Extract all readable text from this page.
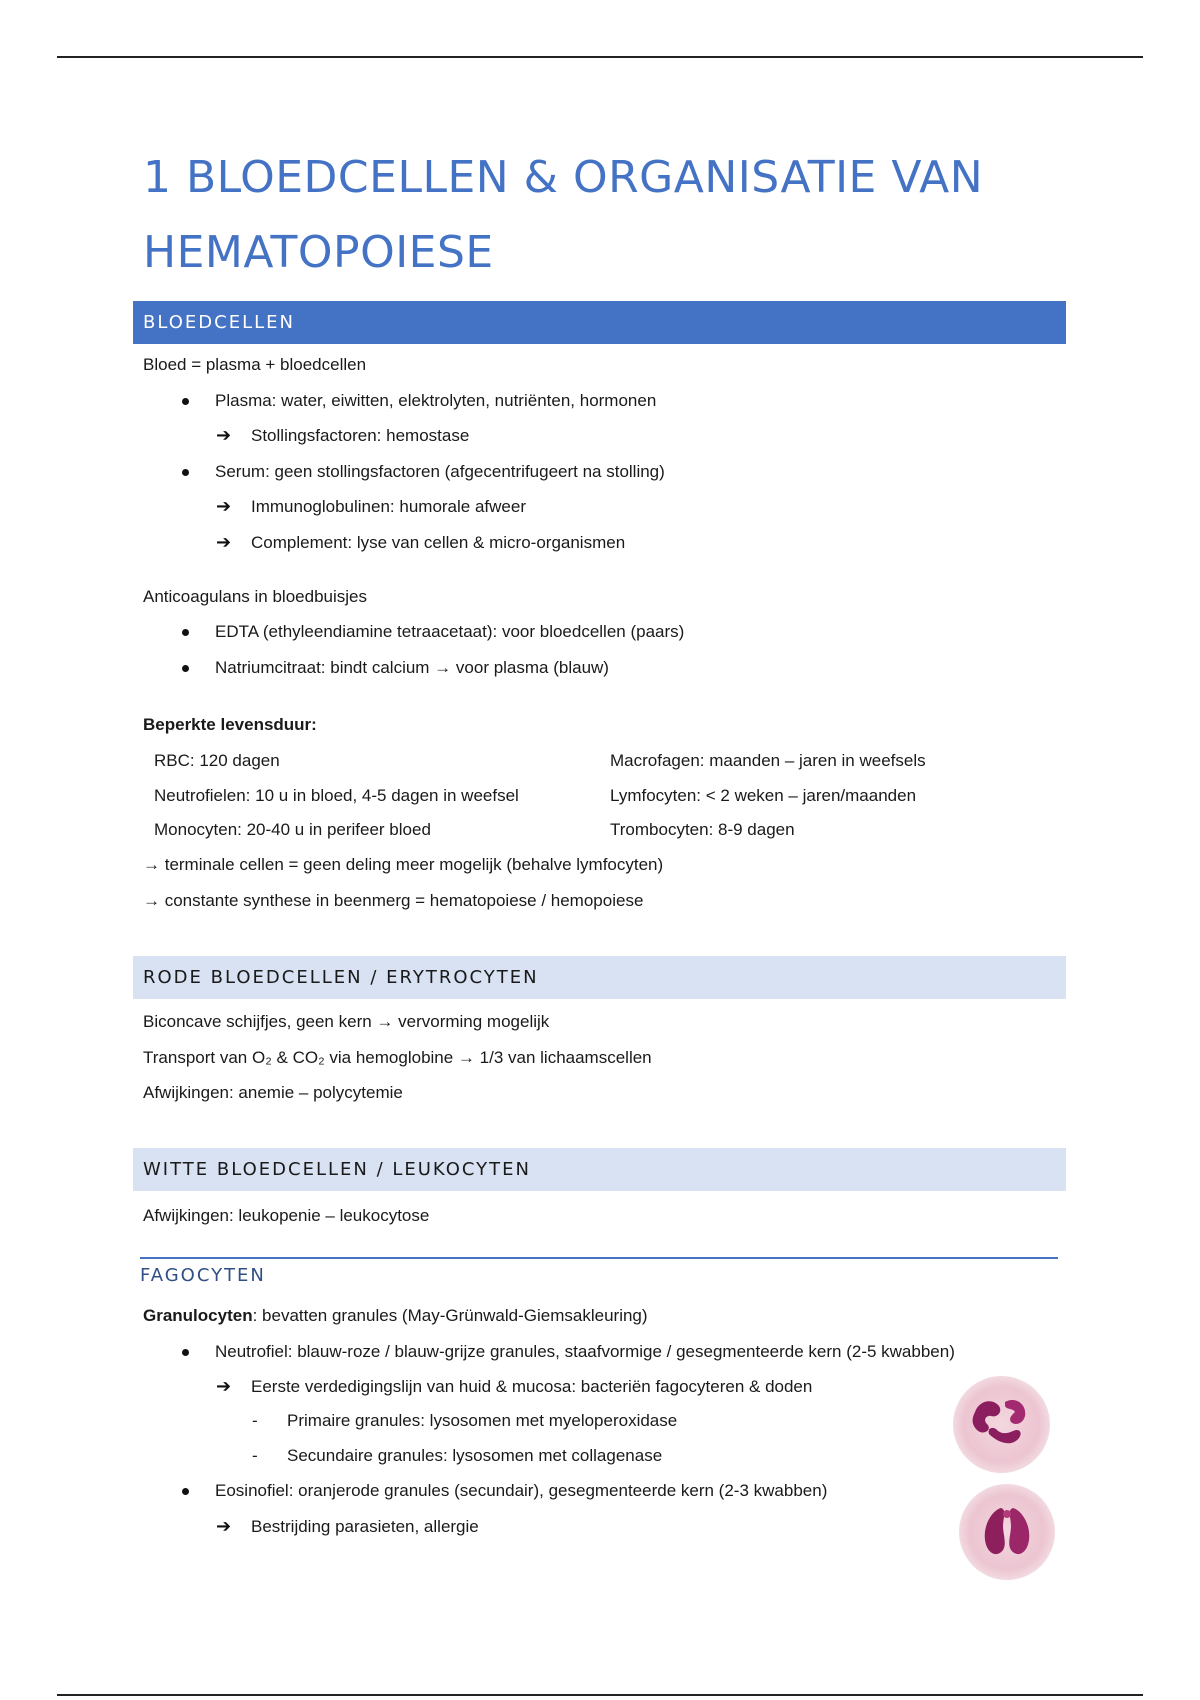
1 BLOEDCELLEN & ORGANISATIE VAN HEMATOPOIESE
BLOEDCELLEN
Bloed = plasma + bloedcellen
Plasma: water, eiwitten, elektrolyten, nutriënten, hormonen
➔ Stollingsfactoren: hemostase
Serum: geen stollingsfactoren (afgecentrifugeert na stolling)
➔ Immunoglobulinen: humorale afweer
➔ Complement: lyse van cellen & micro-organismen
Anticoagulans in bloedbuisjes
EDTA (ethyleendiamine tetraacetaat): voor bloedcellen (paars)
Natriumcitraat: bindt calcium → voor plasma (blauw)
Beperkte levensduur:
RBC: 120 dagen
Neutrofielen: 10 u in bloed, 4-5 dagen in weefsel
Monocyten: 20-40 u in perifeer bloed
Macrofagen: maanden – jaren in weefsels
Lymfocyten: < 2 weken – jaren/maanden
Trombocyten: 8-9 dagen
→ terminale cellen = geen deling meer mogelijk (behalve lymfocyten)
→ constante synthese in beenmerg = hematopoiese / hemopoiese
RODE BLOEDCELLEN / ERYTROCYTEN
Biconcave schijfjes, geen kern → vervorming mogelijk
Transport van O₂ & CO₂ via hemoglobine → 1/3 van lichaamscellen
Afwijkingen: anemie – polycytemie
WITTE BLOEDCELLEN / LEUKOCYTEN
Afwijkingen: leukopenie – leukocytose
FAGOCYTEN
Granulocyten: bevatten granules (May-Grünwald-Giemsakleuring)
Neutrofiel: blauw-roze / blauw-grijze granules, staafvormige / gesegmenteerde kern (2-5 kwabben)
➔ Eerste verdedigingslijn van huid & mucosa: bacteriën fagocyteren & doden
- Primaire granules: lysosomen met myeloperoxidase
- Secundaire granules: lysosomen met collagenase
Eosinofiel: oranjerode granules (secundair), gesegmenteerde kern (2-3 kwabben)
➔ Bestrijding parasieten, allergie
